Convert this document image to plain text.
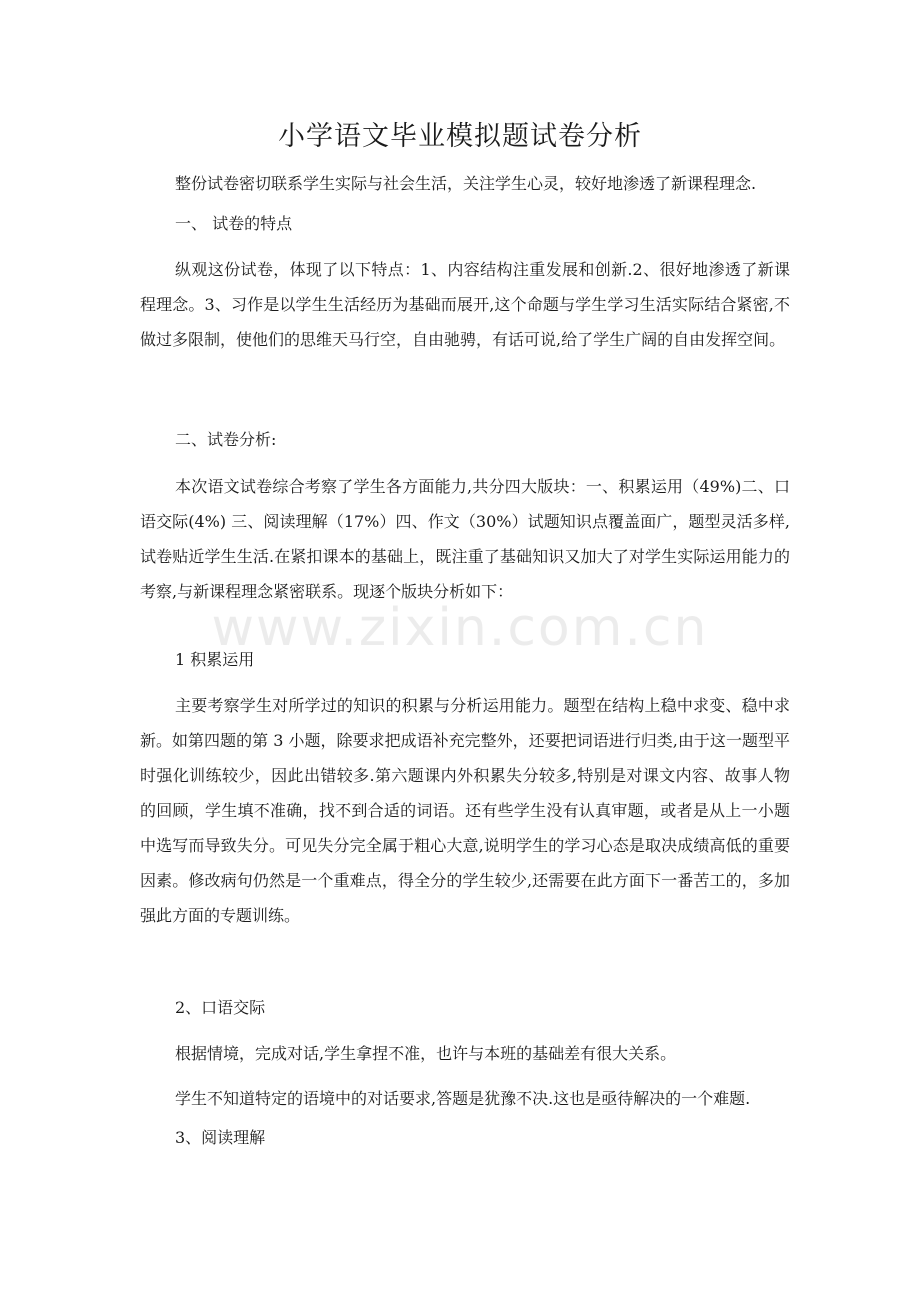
小学语文毕业模拟题试卷分析

整份试卷密切联系学生实际与社会生活，关注学生心灵，较好地渗透了新课程理念.

一、 试卷的特点

纵观这份试卷，体现了以下特点：1、内容结构注重发展和创新.2、很好地渗透了新课程理念。3、习作是以学生生活经历为基础而展开,这个命题与学生学习生活实际结合紧密,不做过多限制，使他们的思维天马行空，自由驰骋，有话可说,给了学生广阔的自由发挥空间。

二、试卷分析:

本次语文试卷综合考察了学生各方面能力,共分四大版块：一、积累运用（49%)二、口语交际(4%) 三、阅读理解（17%）四、作文（30%）试题知识点覆盖面广，题型灵活多样,试卷贴近学生生活.在紧扣课本的基础上，既注重了基础知识又加大了对学生实际运用能力的考察,与新课程理念紧密联系。现逐个版块分析如下：

1 积累运用

主要考察学生对所学过的知识的积累与分析运用能力。题型在结构上稳中求变、稳中求新。如第四题的第 3 小题，除要求把成语补充完整外，还要把词语进行归类,由于这一题型平时强化训练较少，因此出错较多.第六题课内外积累失分较多,特别是对课文内容、故事人物的回顾，学生填不准确，找不到合适的词语。还有些学生没有认真审题，或者是从上一小题中选写而导致失分。可见失分完全属于粗心大意,说明学生的学习心态是取决成绩高低的重要因素。修改病句仍然是一个重难点，得全分的学生较少,还需要在此方面下一番苦工的，多加强此方面的专题训练。

2、口语交际

根据情境，完成对话,学生拿捏不准，也许与本班的基础差有很大关系。

学生不知道特定的语境中的对话要求,答题是犹豫不决.这也是亟待解决的一个难题.

3、阅读理解
www.zixin.com.cn
